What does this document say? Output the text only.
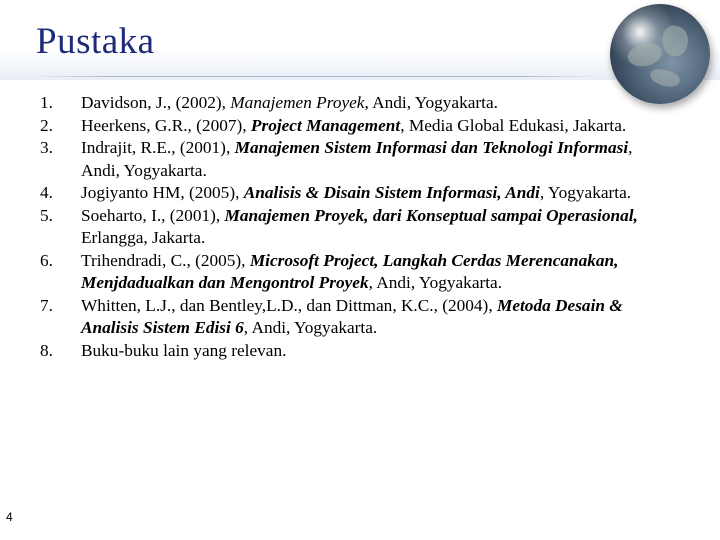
Pustaka
1.	Davidson, J., (2002), Manajemen Proyek, Andi, Yogyakarta.
2.	Heerkens, G.R., (2007), Project Management, Media Global Edukasi, Jakarta.
3.	Indrajit, R.E., (2001), Manajemen Sistem Informasi dan Teknologi Informasi, Andi, Yogyakarta.
4.	Jogiyanto HM, (2005), Analisis & Disain Sistem Informasi, Andi, Yogyakarta.
5.	Soeharto, I., (2001), Manajemen Proyek, dari Konseptual sampai Operasional, Erlangga, Jakarta.
6.	Trihendradi, C., (2005), Microsoft Project, Langkah Cerdas Merencanakan, Menjdadualkan dan Mengontrol Proyek, Andi, Yogyakarta.
7.	Whitten, L.J., dan Bentley,L.D., dan Dittman, K.C., (2004), Metoda Desain & Analisis Sistem Edisi 6, Andi, Yogyakarta.
8.	Buku-buku lain yang relevan.
4
